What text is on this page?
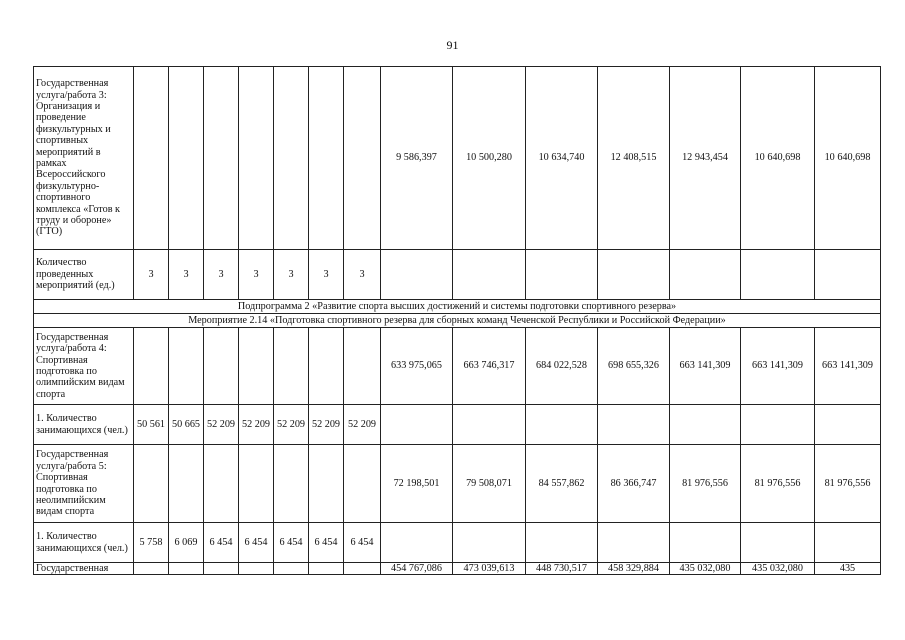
91
Государственная услуга/работа 3: Организация и проведение физкультурных и спортивных мероприятий в рамках Всероссийского физкультурно-спортивного комплекса «Готов к труду и обороне» (ГТО)								9 586,397	10 500,280	10 634,740	12 408,515	12 943,454	10 640,698	10 640,698
Количество проведенных мероприятий (ед.)	3	3	3	3	3	3	3							
Подпрограмма 2 «Развитие спорта высших достижений и системы подготовки спортивного резерва»														
Мероприятие 2.14 «Подготовка спортивного резерва для сборных команд Чеченской Республики и Российской Федерации»														
Государственная услуга/работа 4: Спортивная подготовка по олимпийским видам спорта								633 975,065	663 746,317	684 022,528	698 655,326	663 141,309	663 141,309	663 141,309
1. Количество занимающихся (чел.)	50 561	50 665	52 209	52 209	52 209	52 209	52 209							
Государственная услуга/работа 5: Спортивная подготовка по неолимпийским видам спорта								72 198,501	79 508,071	84 557,862	86 366,747	81 976,556	81 976,556	81 976,556
1. Количество занимающихся (чел.)	5 758	6 069	6 454	6 454	6 454	6 454	6 454							
Государственная								454 767,086	473 039,613	448 730,517	458 329,884	435 032,080	435 032,080	435
